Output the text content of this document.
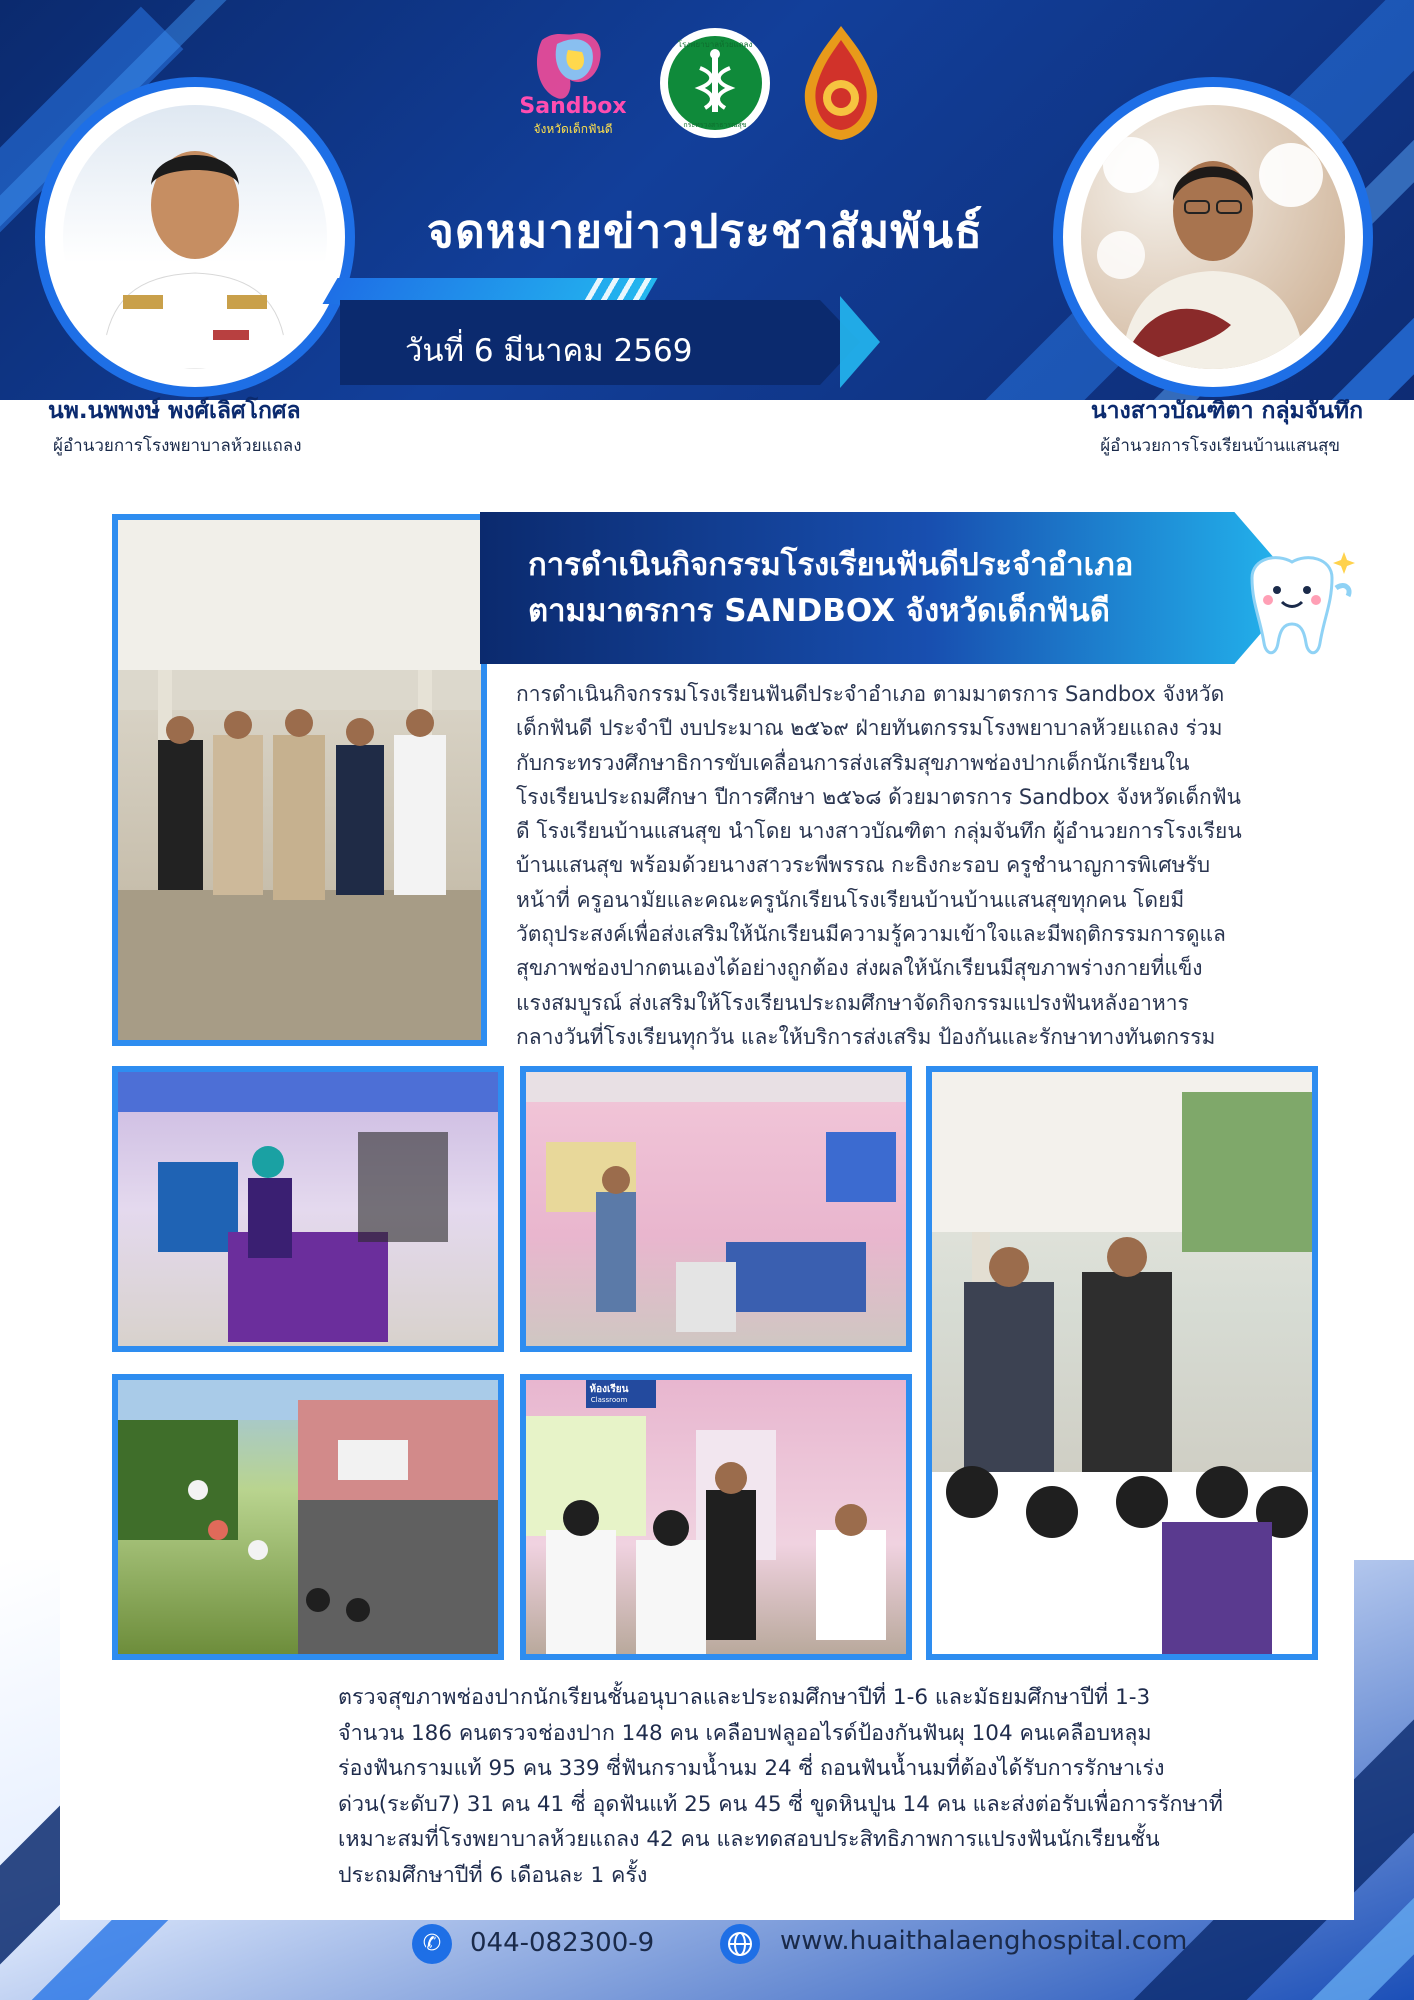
Sandbox
จังหวัดเด็กฟันดี
โรงพยาบาลห้วยแถลง
กระทรวงสาธารณสุข
นพ.นพพงษ์ พงศ์เลิศโกศล
ผู้อำนวยการโรงพยาบาลห้วยแถลง
นางสาวบัณฑิตา กลุ่มจันทึก
ผู้อำนวยการโรงเรียนบ้านแสนสุข
จดหมายข่าวประชาสัมพันธ์
วันที่ 6 มีนาคม 2569
การดำเนินกิจกรรมโรงเรียนฟันดีประจำอำเภอ
ตามมาตรการ SANDBOX จังหวัดเด็กฟันดี
การดำเนินกิจกรรมโรงเรียนฟันดีประจำอำเภอ ตามมาตรการ Sandbox จังหวัด
เด็กฟันดี ประจำปี งบประมาณ ๒๕๖๙ ฝ่ายทันตกรรมโรงพยาบาลห้วยแถลง ร่วม
กับกระทรวงศึกษาธิการขับเคลื่อนการส่งเสริมสุขภาพช่องปากเด็กนักเรียนใน
โรงเรียนประถมศึกษา ปีการศึกษา ๒๕๖๘ ด้วยมาตรการ Sandbox จังหวัดเด็กฟัน
ดี โรงเรียนบ้านแสนสุข นำโดย นางสาวบัณฑิตา กลุ่มจันทึก ผู้อำนวยการโรงเรียน
บ้านแสนสุข พร้อมด้วยนางสาวระพีพรรณ กะธิงกะรอบ ครูชำนาญการพิเศษรับ
หน้าที่ ครูอนามัยและคณะครูนักเรียนโรงเรียนบ้านบ้านแสนสุขทุกคน โดยมี
วัตถุประสงค์เพื่อส่งเสริมให้นักเรียนมีความรู้ความเข้าใจและมีพฤติกรรมการดูแล
สุขภาพช่องปากตนเองได้อย่างถูกต้อง ส่งผลให้นักเรียนมีสุขภาพร่างกายที่แข็ง
แรงสมบูรณ์ ส่งเสริมให้โรงเรียนประถมศึกษาจัดกิจกรรมแปรงฟันหลังอาหาร
กลางวันที่โรงเรียนทุกวัน และให้บริการส่งเสริม ป้องกันและรักษาทางทันตกรรม
ห้องเรียน
Classroom
ตรวจสุขภาพช่องปากนักเรียนชั้นอนุบาลและประถมศึกษาปีที่ 1-6 และมัธยมศึกษาปีที่ 1-3
จำนวน 186 คนตรวจช่องปาก 148 คน เคลือบฟลูออไรด์ป้องกันฟันผุ 104 คนเคลือบหลุม
ร่องฟันกรามแท้ 95 คน 339 ซี่ฟันกรามน้ำนม 24 ซี่ ถอนฟันน้ำนมที่ต้องได้รับการรักษาเร่ง
ด่วน(ระดับ7) 31 คน 41 ซี่ อุดฟันแท้ 25 คน 45 ซี่ ขูดหินปูน 14 คน และส่งต่อรับเพื่อการรักษาที่
เหมาะสมที่โรงพยาบาลห้วยแถลง 42 คน และทดสอบประสิทธิภาพการแปรงฟันนักเรียนชั้น
ประถมศึกษาปีที่ 6 เดือนละ 1 ครั้ง
✆	044-082300-9	www.huaithalaenghospital.com
